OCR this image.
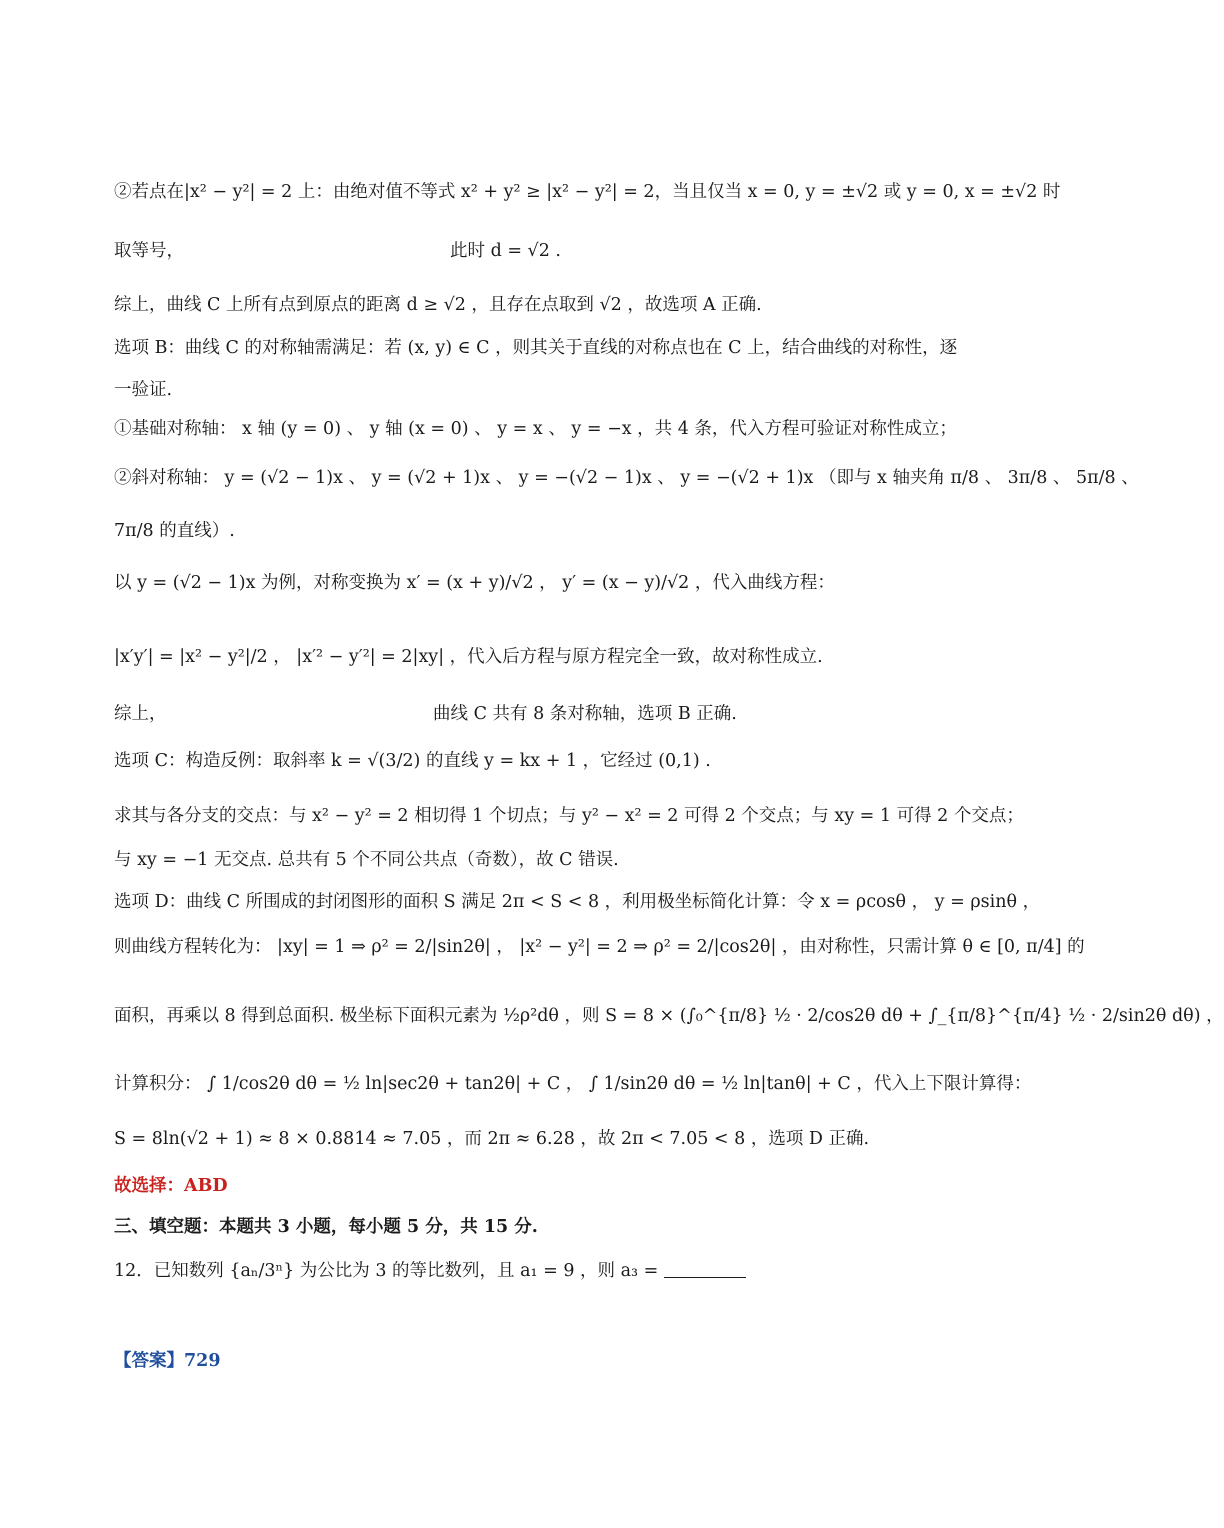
②若点在|x² − y²| = 2 上：由绝对值不等式 x² + y² ≥ |x² − y²| = 2，当且仅当 x = 0, y = ±√2 或 y = 0, x = ±√2 时
取等号，	此时 d = √2 .
综上，曲线 C 上所有点到原点的距离 d ≥ √2 ，且存在点取到 √2 ，故选项 A 正确.
选项 B：曲线 C 的对称轴需满足：若 (x, y) ∈ C ，则其关于直线的对称点也在 C 上，结合曲线的对称性，逐
一验证.
①基础对称轴： x 轴 (y = 0) 、 y 轴 (x = 0) 、 y = x 、 y = −x ，共 4 条，代入方程可验证对称性成立；
②斜对称轴： y = (√2 − 1)x 、 y = (√2 + 1)x 、 y = −(√2 − 1)x 、 y = −(√2 + 1)x （即与 x 轴夹角 π/8 、 3π/8 、 5π/8 、
7π/8 的直线）.
以 y = (√2 − 1)x 为例，对称变换为 x′ = (x + y)/√2 ， y′ = (x − y)/√2 ，代入曲线方程：
|x′y′| = |x² − y²|/2 ， |x′² − y′²| = 2|xy| ，代入后方程与原方程完全一致，故对称性成立.
综上，	曲线 C 共有 8 条对称轴，选项 B 正确.
选项 C：构造反例：取斜率 k = √(3/2) 的直线 y = kx + 1 ，它经过 (0,1) .
求其与各分支的交点：与 x² − y² = 2 相切得 1 个切点；与 y² − x² = 2 可得 2 个交点；与 xy = 1 可得 2 个交点；
与 xy = −1 无交点. 总共有 5 个不同公共点（奇数），故 C 错误.
选项 D：曲线 C 所围成的封闭图形的面积 S 满足 2π < S < 8 ，利用极坐标简化计算：令 x = ρcosθ ， y = ρsinθ ，
则曲线方程转化为： |xy| = 1 ⇒ ρ² = 2/|sin2θ| ， |x² − y²| = 2 ⇒ ρ² = 2/|cos2θ| ，由对称性，只需计算 θ ∈ [0, π/4] 的
面积，再乘以 8 得到总面积. 极坐标下面积元素为 ½ρ²dθ ，则 S = 8 × (∫₀^{π/8} ½ · 2/cos2θ dθ + ∫_{π/8}^{π/4} ½ · 2/sin2θ dθ) ，
计算积分： ∫ 1/cos2θ dθ = ½ ln|sec2θ + tan2θ| + C ， ∫ 1/sin2θ dθ = ½ ln|tanθ| + C ，代入上下限计算得：
S = 8ln(√2 + 1) ≈ 8 × 0.8814 ≈ 7.05 ，而 2π ≈ 6.28 ，故 2π < 7.05 < 8 ，选项 D 正确.
故选择：ABD
三、填空题：本题共 3 小题，每小题 5 分，共 15 分.
12．已知数列 {aₙ/3ⁿ} 为公比为 3 的等比数列，且 a₁ = 9 ，则 a₃ =
【答案】729
